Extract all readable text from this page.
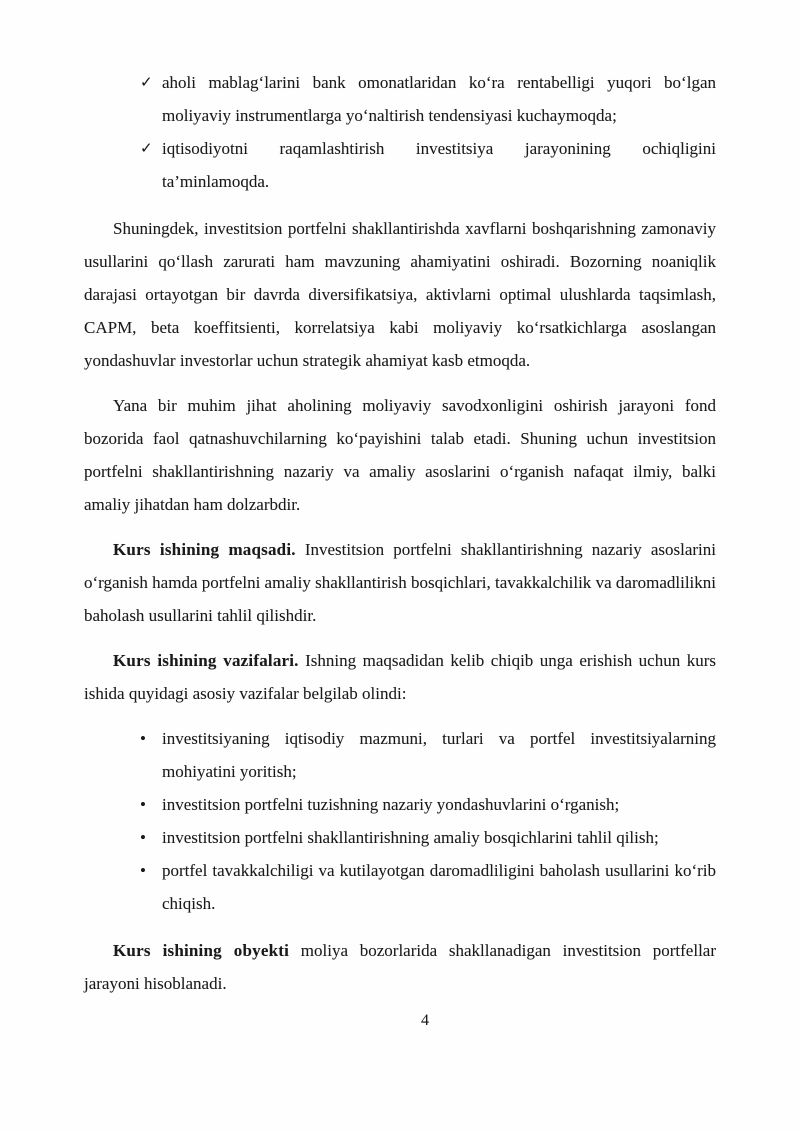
✓ aholi mablag‘larini bank omonatlaridan ko‘ra rentabelligi yuqori bo‘lgan moliyaviy instrumentlarga yo‘naltirish tendensiyasi kuchaymoqda;
✓ iqtisodiyotni raqamlashtirish investitsiya jarayonining ochiqligini ta’minlamoqda.

Shuningdek, investitsion portfelni shakllantirishda xavflarni boshqarishning zamonaviy usullarini qo‘llash zarurati ham mavzuning ahamiyatini oshiradi. Bozorning noaniqlik darajasi ortayotgan bir davrda diversifikatsiya, aktivlarni optimal ulushlarda taqsimlash, CAPM, beta koeffitsienti, korrelatsiya kabi moliyaviy ko‘rsatkichlarga asoslangan yondashuvlar investorlar uchun strategik ahamiyat kasb etmoqda.

Yana bir muhim jihat aholining moliyaviy savodxonligini oshirish jarayoni fond bozorida faol qatnashuvchilarning ko‘payishini talab etadi. Shuning uchun investitsion portfelni shakllantirishning nazariy va amaliy asoslarini o‘rganish nafaqat ilmiy, balki amaliy jihatdan ham dolzarbdir.

Kurs ishining maqsadi. Investitsion portfelni shakllantirishning nazariy asoslarini o‘rganish hamda portfelni amaliy shakllantirish bosqichlari, tavakkalchilik va daromadlilikni baholash usullarini tahlil qilishdir.

Kurs ishining vazifalari. Ishning maqsadidan kelib chiqib unga erishish uchun kurs ishida quyidagi asosiy vazifalar belgilab olindi:

• investitsiyaning iqtisodiy mazmuni, turlari va portfel investitsiyalarning mohiyatini yoritish;
• investitsion portfelni tuzishning nazariy yondashuvlarini o‘rganish;
• investitsion portfelni shakllantirishning amaliy bosqichlarini tahlil qilish;
• portfel tavakkalchiligi va kutilayotgan daromadliligini baholash usullarini ko‘rib chiqish.

Kurs ishining obyekti moliya bozorlarida shakllanadigan investitsion portfellar jarayoni hisoblanadi.

4
